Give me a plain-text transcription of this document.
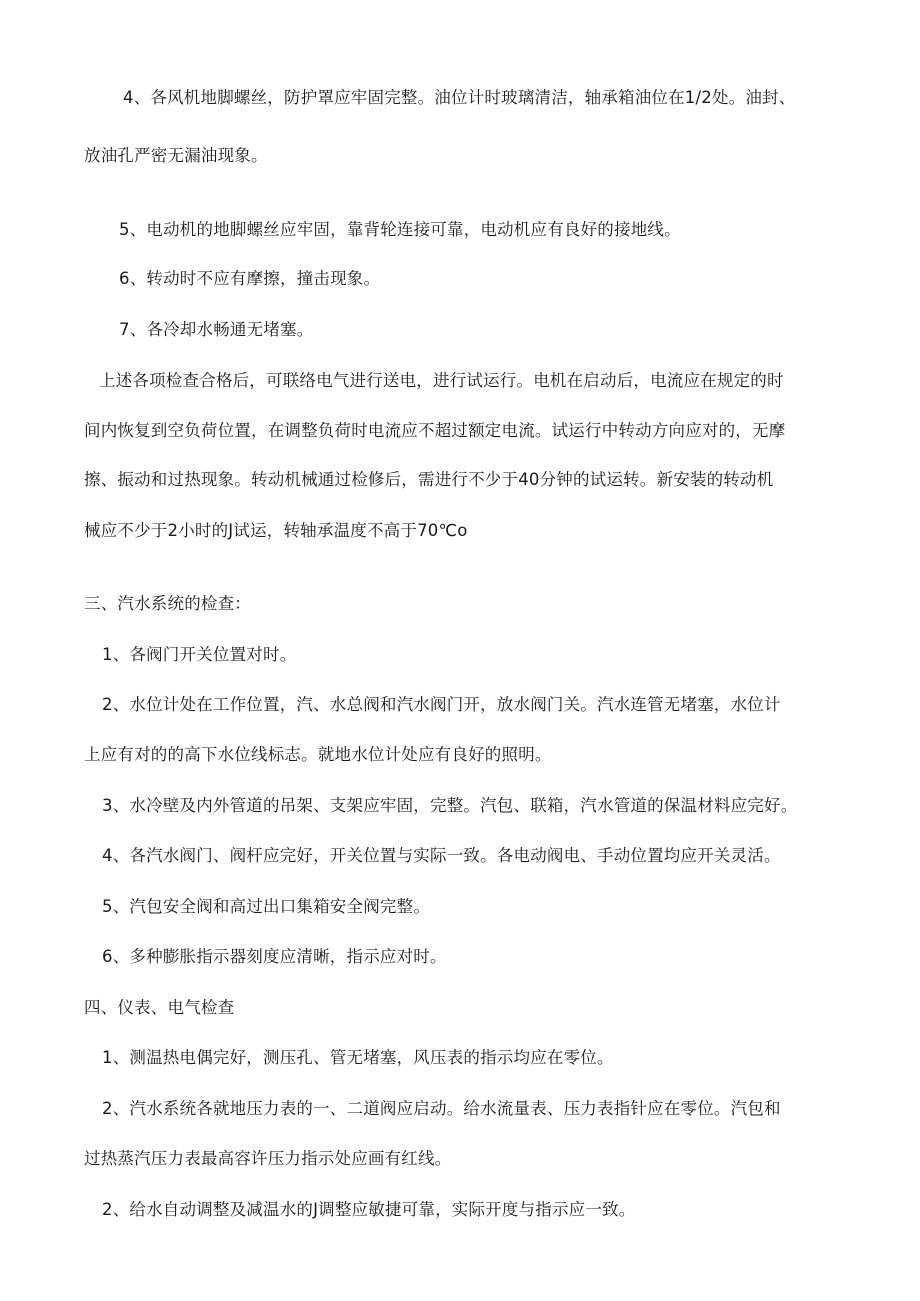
4、各风机地脚螺丝，防护罩应牢固完整。油位计时玻璃清洁，轴承箱油位在1/2处。油封、
放油孔严密无漏油现象。
5、电动机的地脚螺丝应牢固，靠背轮连接可靠，电动机应有良好的接地线。
6、转动时不应有摩擦，撞击现象。
7、各冷却水畅通无堵塞。
上述各项检查合格后，可联络电气进行送电，进行试运行。电机在启动后，电流应在规定的时
间内恢复到空负荷位置，在调整负荷时电流应不超过额定电流。试运行中转动方向应对的，无摩
擦、振动和过热现象。转动机械通过检修后，需进行不少于40分钟的试运转。新安装的转动机
械应不少于2小时的J试运，转轴承温度不高于70℃o
三、汽水系统的检查：
1、各阀门开关位置对时。
2、水位计处在工作位置，汽、水总阀和汽水阀门开，放水阀门关。汽水连管无堵塞，水位计
上应有对的的高下水位线标志。就地水位计处应有良好的照明。
3、水冷壁及内外管道的吊架、支架应牢固，完整。汽包、联箱，汽水管道的保温材料应完好。
4、各汽水阀门、阀杆应完好，开关位置与实际一致。各电动阀电、手动位置均应开关灵活。
5、汽包安全阀和高过出口集箱安全阀完整。
6、多种膨胀指示器刻度应清晰，指示应对时。
四、仪表、电气检查
1、测温热电偶完好，测压孔、管无堵塞，风压表的指示均应在零位。
2、汽水系统各就地压力表的一、二道阀应启动。给水流量表、压力表指针应在零位。汽包和
过热蒸汽压力表最高容许压力指示处应画有红线。
2、给水自动调整及减温水的J调整应敏捷可靠，实际开度与指示应一致。
